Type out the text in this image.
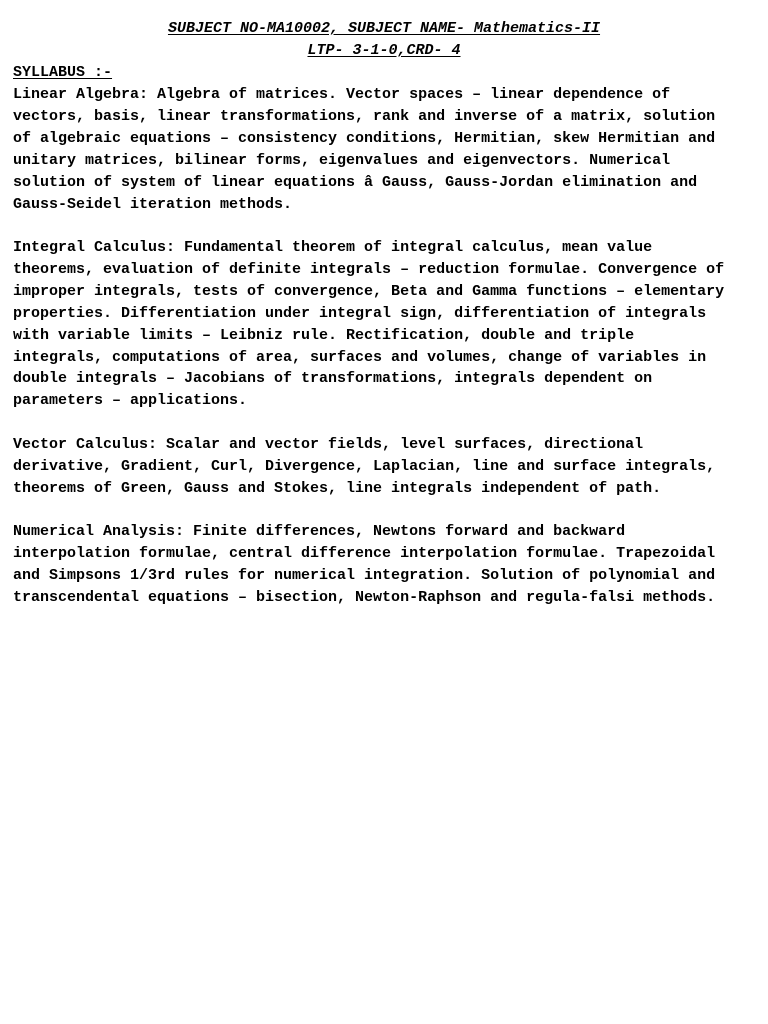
SUBJECT NO-MA10002, SUBJECT NAME- Mathematics-II
LTP- 3-1-0,CRD- 4
SYLLABUS :-
Linear Algebra: Algebra of matrices. Vector spaces – linear dependence of
vectors, basis, linear transformations, rank and inverse of a matrix, solution
of algebraic equations – consistency conditions, Hermitian, skew Hermitian and
unitary matrices, bilinear forms, eigenvalues and eigenvectors. Numerical
solution of system of linear equations â Gauss, Gauss-Jordan elimination and
Gauss-Seidel iteration methods.
Integral Calculus: Fundamental theorem of integral calculus, mean value
theorems, evaluation of definite integrals – reduction formulae. Convergence of
improper integrals, tests of convergence, Beta and Gamma functions – elementary
properties. Differentiation under integral sign, differentiation of integrals
with variable limits – Leibniz rule. Rectification, double and triple
integrals, computations of area, surfaces and volumes, change of variables in
double integrals – Jacobians of transformations, integrals dependent on
parameters – applications.
Vector Calculus: Scalar and vector fields, level surfaces, directional
derivative, Gradient, Curl, Divergence, Laplacian, line and surface integrals,
theorems of Green, Gauss and Stokes, line integrals independent of path.
Numerical Analysis: Finite differences, Newtons forward and backward
interpolation formulae, central difference interpolation formulae. Trapezoidal
and Simpsons 1/3rd rules for numerical integration. Solution of polynomial and
transcendental equations – bisection, Newton-Raphson and regula-falsi methods.
